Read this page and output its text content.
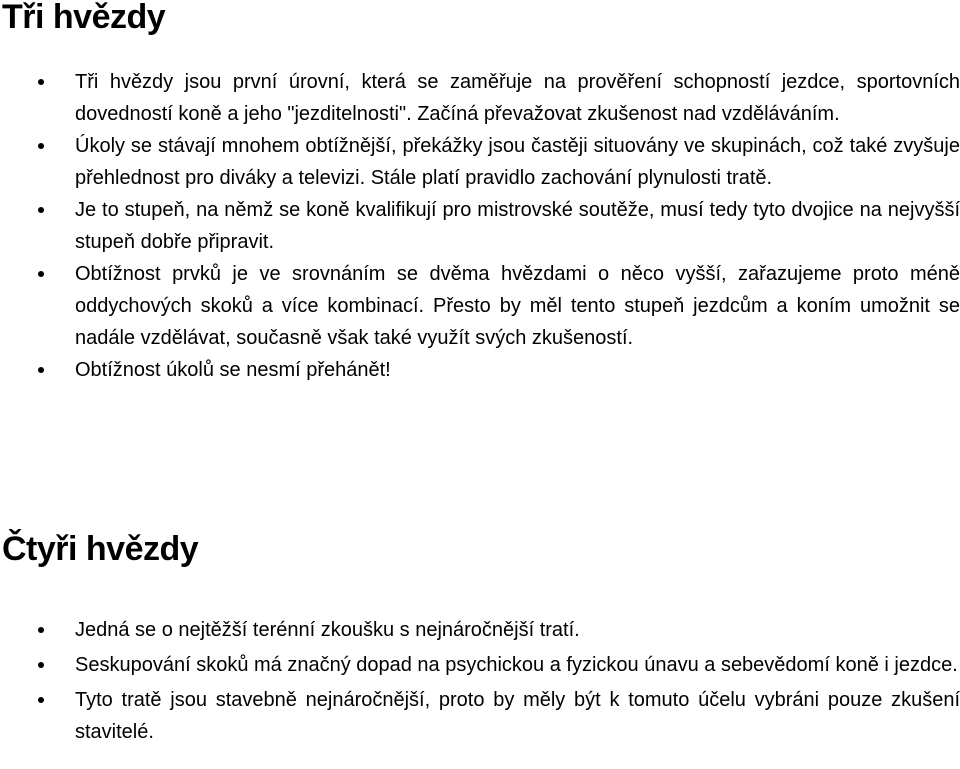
Tři hvězdy
Tři hvězdy jsou první úrovní, která se zaměřuje na prověření schopností jezdce, sportovních dovedností koně a jeho "jezditelnosti". Začíná převažovat zkušenost nad vzděláváním.
Úkoly se stávají mnohem obtížnější, překážky jsou častěji situovány ve skupinách, což také zvyšuje přehlednost pro diváky a televizi. Stále platí pravidlo zachování plynulosti tratě.
Je to stupeň, na němž se koně kvalifikují pro mistrovské soutěže, musí tedy tyto dvojice na nejvyšší stupeň dobře připravit.
Obtížnost prvků je ve srovnáním se dvěma hvězdami o něco vyšší, zařazujeme proto méně oddychových skoků a více kombinací. Přesto by měl tento stupeň jezdcům a koním umožnit se nadále vzdělávat, současně však také využít svých zkušeností.
Obtížnost úkolů se nesmí přehánět!
Čtyři hvězdy
Jedná se o nejtěžší terénní zkoušku s nejnáročnější tratí.
Seskupování skoků má značný dopad na psychickou a fyzickou únavu a sebevědomí koně i jezdce.
Tyto tratě jsou stavebně nejnáročnější, proto by měly být k tomuto účelu vybráni pouze zkušení stavitelé.
